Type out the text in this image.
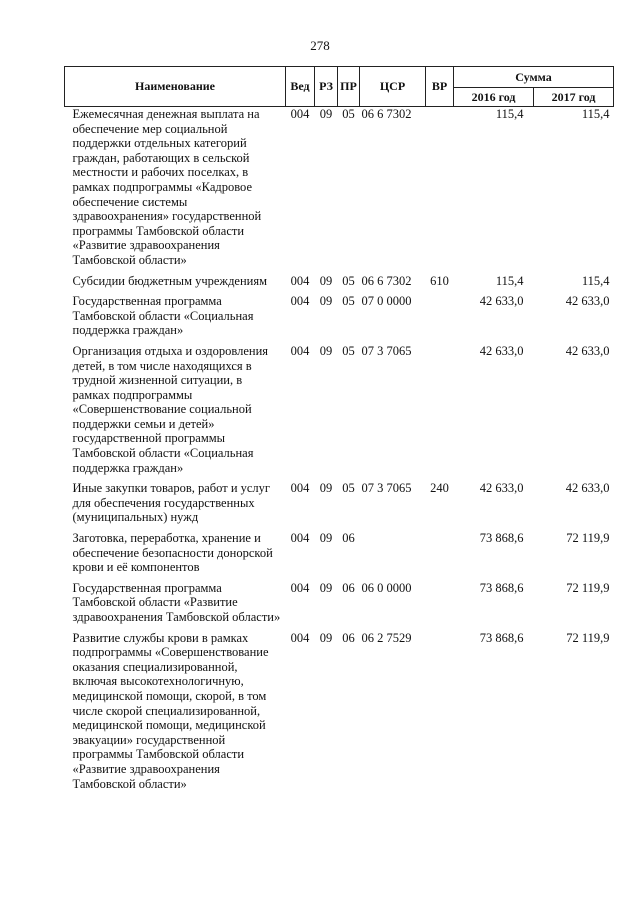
278
Наименование	Вед	РЗ	ПР	ЦСР	ВР	Сумма	
						2016 год	2017 год
Ежемесячная денежная выплата на обеспечение мер социальной поддержки отдельных категорий граждан, работающих в сельской местности и рабочих поселках, в рамках подпрограммы «Кадровое обеспечение системы здравоохранения» государственной программы Тамбовской области «Развитие здравоохранения Тамбовской области»	004	09	05	06 6 7302		115,4	115,4
Субсидии бюджетным учреждениям	004	09	05	06 6 7302	610	115,4	115,4
Государственная программа Тамбовской области «Социальная поддержка граждан»	004	09	05	07 0 0000		42 633,0	42 633,0
Организация отдыха и оздоровления детей, в том числе находящихся в трудной жизненной ситуации, в рамках подпрограммы «Совершенствование социальной поддержки семьи и детей» государственной программы Тамбовской области «Социальная поддержка граждан»	004	09	05	07 3 7065		42 633,0	42 633,0
Иные закупки товаров, работ и услуг для обеспечения государственных (муниципальных) нужд	004	09	05	07 3 7065	240	42 633,0	42 633,0
Заготовка, переработка, хранение и обеспечение безопасности донорской крови и её компонентов	004	09	06			73 868,6	72 119,9
Государственная программа Тамбовской области «Развитие здравоохранения Тамбовской области»	004	09	06	06 0 0000		73 868,6	72 119,9
Развитие службы крови в рамках подпрограммы «Совершенствование оказания специализированной, включая высокотехнологичную, медицинской помощи, скорой, в том числе скорой специализированной, медицинской помощи, медицинской эвакуации» государственной программы Тамбовской области «Развитие здравоохранения Тамбовской области»	004	09	06	06 2 7529		73 868,6	72 119,9
